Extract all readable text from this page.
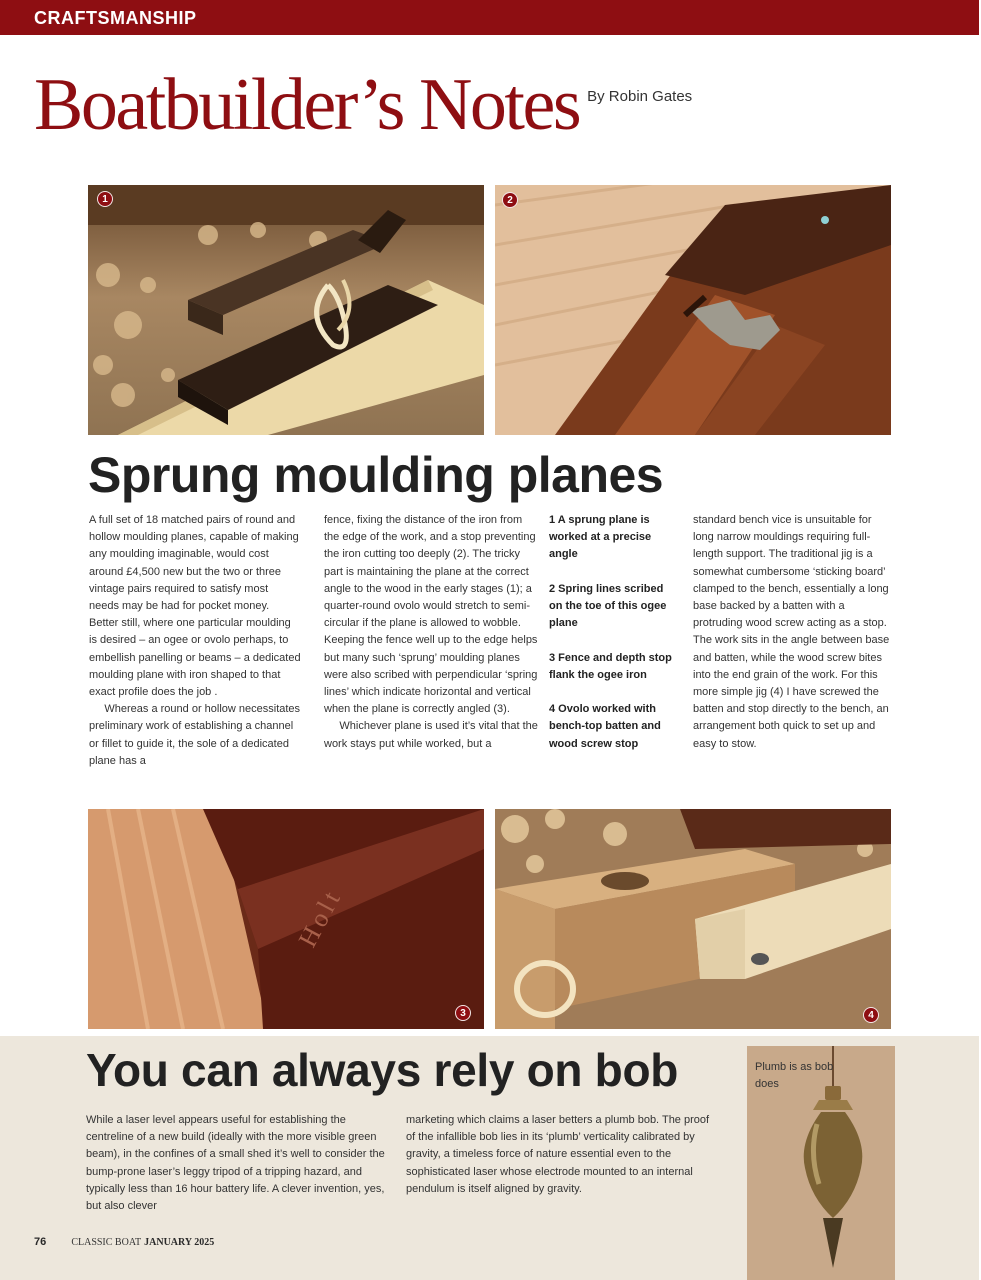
CRAFTSMANSHIP
Boatbuilder’s Notes By Robin Gates
1	2
Sprung moulding planes

A full set of 18 matched pairs of round and hollow moulding planes, capable of making any moulding imaginable, would cost around £4,500 new but the two or three vintage pairs required to satisfy most needs may be had for pocket money. Better still, where one particular moulding is desired – an ogee or ovolo perhaps, to embellish panelling or beams – a dedicated moulding plane with iron shaped to that exact profile does the job .

Whereas a round or hollow necessitates preliminary work of establishing a channel or fillet to guide it, the sole of a dedicated plane has a

fence, fixing the distance of the iron from the edge of the work, and a stop preventing the iron cutting too deeply (2). The tricky part is maintaining the plane at the correct angle to the wood in the early stages (1); a quarter-round ovolo would stretch to semi-circular if the plane is allowed to wobble. Keeping the fence well up to the edge helps but many such ‘sprung’ moulding planes were also scribed with perpendicular ‘spring lines’ which indicate horizontal and vertical when the plane is correctly angled (3).

Whichever plane is used it’s vital that the work stays put while worked, but a

1 A sprung plane is worked at a precise angle

2 Spring lines scribed on the toe of this ogee plane

3 Fence and depth stop flank the ogee iron

4 Ovolo worked with bench-top batten and wood screw stop

standard bench vice is unsuitable for long narrow mouldings requiring full-length support. The traditional jig is a somewhat cumbersome ‘sticking board’ clamped to the bench, essentially a long base backed by a batten with a protruding wood screw acting as a stop. The work sits in the angle between base and batten, while the wood screw bites into the end grain of the work. For this more simple jig (4) I have screwed the batten and stop directly to the bench, an arrangement both quick to set up and easy to stow.

Holt
3	4
You can always rely on bob
While a laser level appears useful for establishing the centreline of a new build (ideally with the more visible green beam), in the confines of a small shed it’s well to consider the bump-prone laser’s leggy tripod of a tripping hazard, and typically less than 16 hour battery life. A clever invention, yes, but also clever
marketing which claims a laser betters a plumb bob. The proof of the infallible bob lies in its ‘plumb’ verticality calibrated by gravity, a timeless force of nature essential even to the sophisticated laser whose electrode mounted to an internal pendulum is itself aligned by gravity.
Plumb is as bob does
76	CLASSIC BOAT JANUARY 2025
